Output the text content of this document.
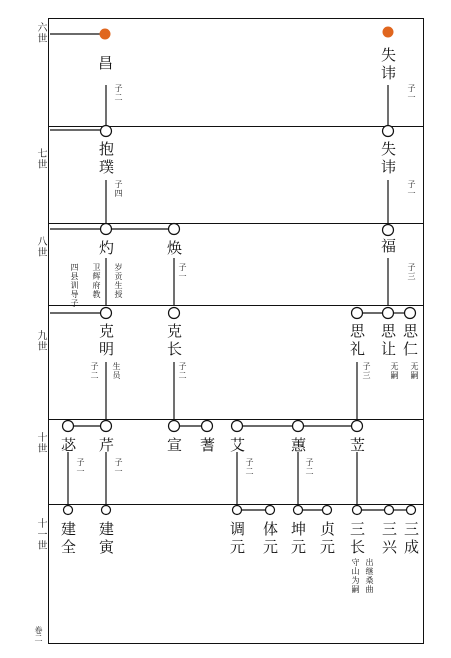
六世
七世
八世
九世
十世
十一世
卷二
昌
子二
失讳
子一
抱璞
子四
失讳
子一
灼
四县训导子 卫辉府教 岁贡生授
焕
子一
福
子三
克明
子二 生员
克长
子二
思礼
子三
思让
无嗣
思仁
无嗣
苾
子一
芹
子一
宣 蓍 艾
子二
蕙
子二
苙
建全 建寅	调元 体元 坤元 贞元 三长
守山为嗣 出继桑曲
三兴 三成
